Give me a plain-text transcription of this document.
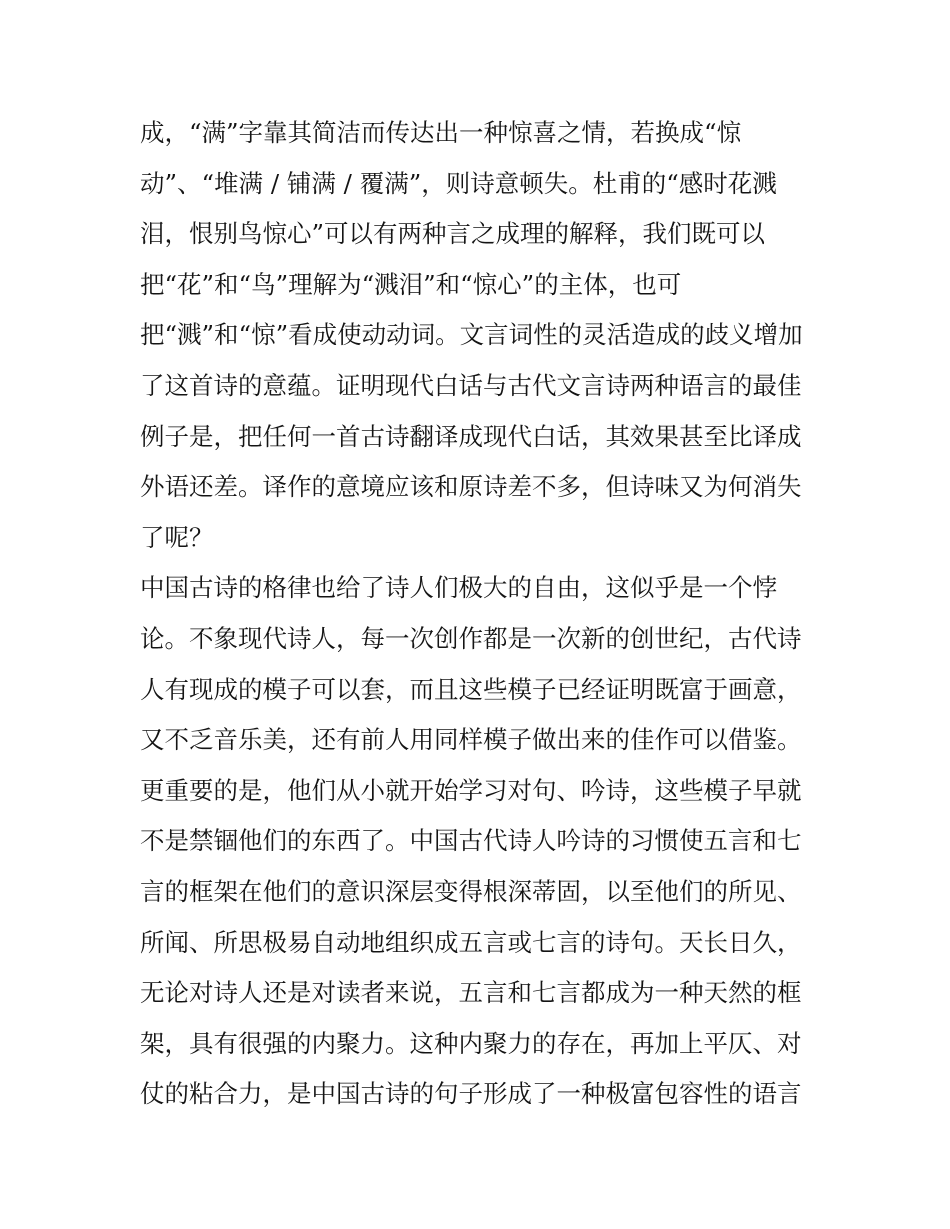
成，“满”字靠其简洁而传达出一种惊喜之情，若换成“惊
动”、“堆满 / 铺满 / 覆满”，则诗意顿失。杜甫的“感时花溅
泪，恨别鸟惊心”可以有两种言之成理的解释，我们既可以
把“花”和“鸟”理解为“溅泪”和“惊心”的主体，也可
把“溅”和“惊”看成使动动词。文言词性的灵活造成的歧义增加
了这首诗的意蕴。证明现代白话与古代文言诗两种语言的最佳
例子是，把任何一首古诗翻译成现代白话，其效果甚至比译成
外语还差。译作的意境应该和原诗差不多，但诗味又为何消失
了呢？
中国古诗的格律也给了诗人们极大的自由，这似乎是一个悖
论。不象现代诗人，每一次创作都是一次新的创世纪，古代诗
人有现成的模子可以套，而且这些模子已经证明既富于画意，
又不乏音乐美，还有前人用同样模子做出来的佳作可以借鉴。
更重要的是，他们从小就开始学习对句、吟诗，这些模子早就
不是禁锢他们的东西了。中国古代诗人吟诗的习惯使五言和七
言的框架在他们的意识深层变得根深蒂固，以至他们的所见、
所闻、所思极易自动地组织成五言或七言的诗句。天长日久，
无论对诗人还是对读者来说，五言和七言都成为一种天然的框
架，具有很强的内聚力。这种内聚力的存在，再加上平仄、对
仗的粘合力，是中国古诗的句子形成了一种极富包容性的语言
